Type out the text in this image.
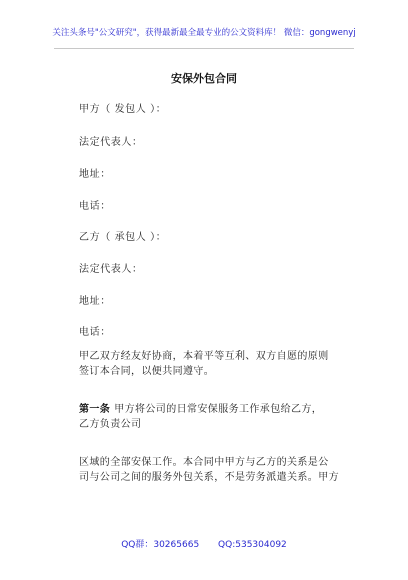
关注头条号"公文研究"，获得最新最全最专业的公文资料库！ 微信：gongwenyj
安保外包合同
甲方（ 发包人 ）：
法定代表人：
地址：
电话：
乙方（ 承包人 ）：
法定代表人：
地址：
电话：
甲乙双方经友好协商，本着平等互利、双方自愿的原则
签订本合同，以便共同遵守。
第一条 甲方将公司的日常安保服务工作承包给乙方，
乙方负责公司
区域的全部安保工作。本合同中甲方与乙方的关系是公
司与公司之间的服务外包关系，不是劳务派遣关系。甲方
QQ群：30265665 QQ:535304092
